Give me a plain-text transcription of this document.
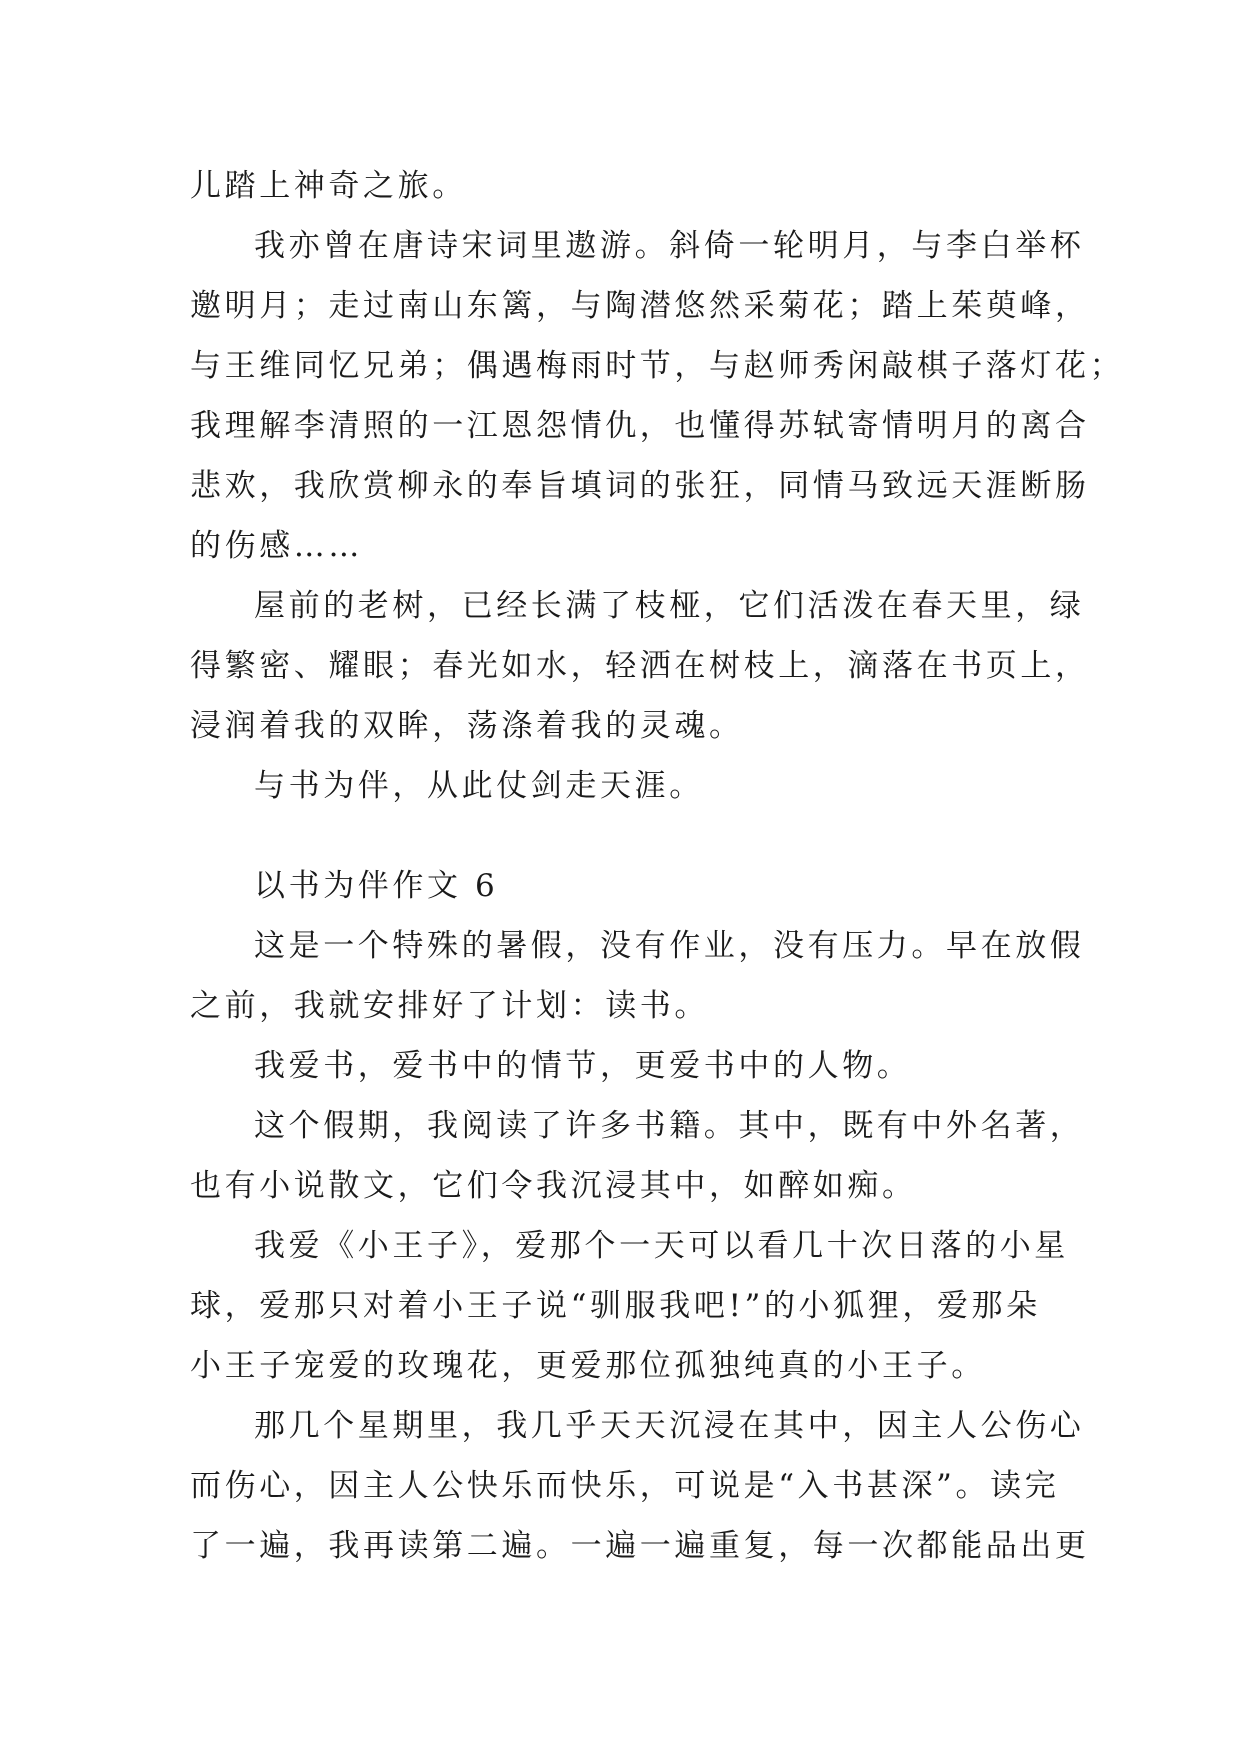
儿踏上神奇之旅。
我亦曾在唐诗宋词里遨游。斜倚一轮明月，与李白举杯
邀明月；走过南山东篱，与陶潜悠然采菊花；踏上茱萸峰，
与王维同忆兄弟；偶遇梅雨时节，与赵师秀闲敲棋子落灯花；
我理解李清照的一江恩怨情仇，也懂得苏轼寄情明月的离合
悲欢，我欣赏柳永的奉旨填词的张狂，同情马致远天涯断肠
的伤感……
屋前的老树，已经长满了枝桠，它们活泼在春天里，绿
得繁密、耀眼；春光如水，轻洒在树枝上，滴落在书页上，
浸润着我的双眸，荡涤着我的灵魂。
与书为伴，从此仗剑走天涯。
以书为伴作文 6
这是一个特殊的暑假，没有作业，没有压力。早在放假
之前，我就安排好了计划：读书。
我爱书，爱书中的情节，更爱书中的人物。
这个假期，我阅读了许多书籍。其中，既有中外名著，
也有小说散文，它们令我沉浸其中，如醉如痴。
我爱《小王子》，爱那个一天可以看几十次日落的小星
球，爱那只对着小王子说“驯服我吧!”的小狐狸，爱那朵
小王子宠爱的玫瑰花，更爱那位孤独纯真的小王子。
那几个星期里，我几乎天天沉浸在其中，因主人公伤心
而伤心，因主人公快乐而快乐，可说是“入书甚深”。读完
了一遍，我再读第二遍。一遍一遍重复，每一次都能品出更
